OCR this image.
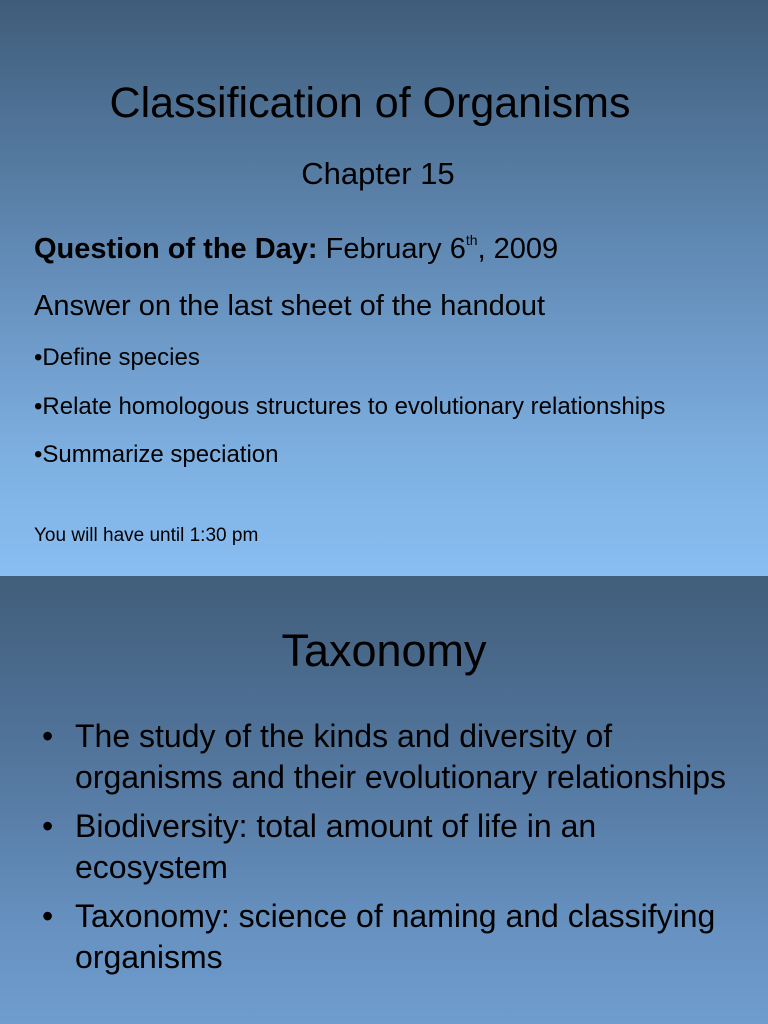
Classification of Organisms
Chapter 15
Question of the Day: February 6th, 2009
Answer on the last sheet of the handout
•Define species
•Relate homologous structures to evolutionary relationships
•Summarize speciation
You will have until 1:30 pm
Taxonomy
• The study of the kinds and diversity of organisms and their evolutionary relationships
• Biodiversity: total amount of life in an ecosystem
• Taxonomy: science of naming and classifying organisms
